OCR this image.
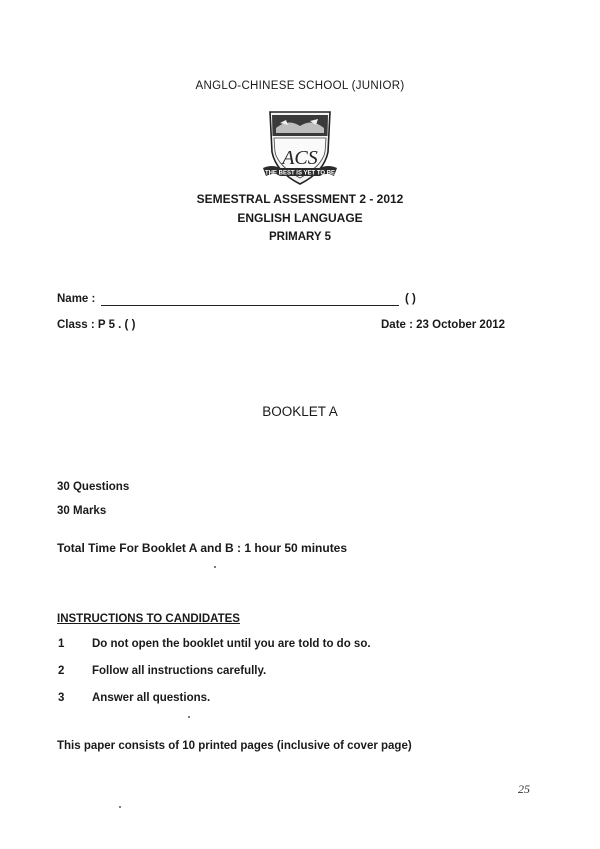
ANGLO-CHINESE SCHOOL (JUNIOR)
ACS
THE BEST IS YET TO BE
SEMESTRAL ASSESSMENT 2 - 2012
ENGLISH LANGUAGE
PRIMARY 5
Name :	( )
Class : P 5 . ( )	Date : 23 October 2012
BOOKLET A
30 Questions
30 Marks
Total Time For Booklet A and B : 1 hour 50 minutes
INSTRUCTIONS TO CANDIDATES
1 Do not open the booklet until you are told to do so.
2 Follow all instructions carefully.
3 Answer all questions.
This paper consists of 10 printed pages (inclusive of cover page)
25
